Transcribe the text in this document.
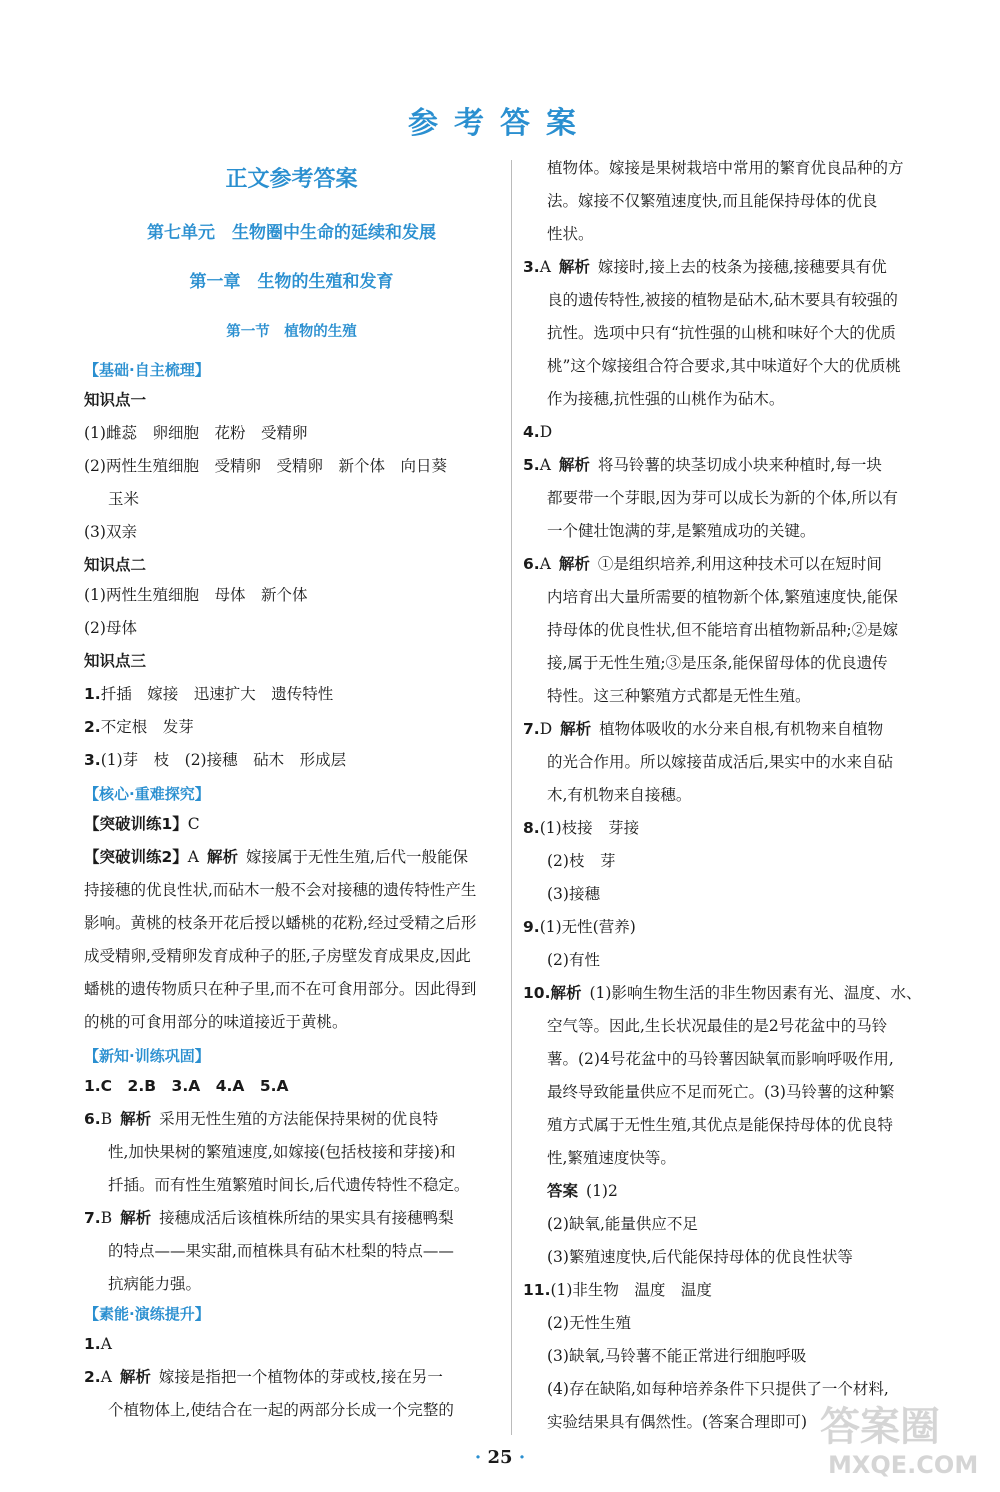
参考答案
正文参考答案
第七单元　生物圈中生命的延续和发展
第一章　生物的生殖和发育
第一节　植物的生殖
【基础·自主梳理】
知识点一
(1)雌蕊　卵细胞　花粉　受精卵
(2)两性生殖细胞　受精卵　受精卵　新个体　向日葵
玉米
(3)双亲
知识点二
(1)两性生殖细胞　母体　新个体
(2)母体
知识点三
1.扦插　嫁接　迅速扩大　遗传特性
2.不定根　发芽
3.(1)芽　枝　(2)接穗　砧木　形成层
【核心·重难探究】
【突破训练1】C
【突破训练2】A 解析 嫁接属于无性生殖,后代一般能保
持接穗的优良性状,而砧木一般不会对接穗的遗传特性产生
影响。黄桃的枝条开花后授以蟠桃的花粉,经过受精之后形
成受精卵,受精卵发育成种子的胚,子房壁发育成果皮,因此
蟠桃的遗传物质只在种子里,而不在可食用部分。因此得到
的桃的可食用部分的味道接近于黄桃。
【新知·训练巩固】
1.C　2.B　3.A　4.A　5.A
6.B 解析 采用无性生殖的方法能保持果树的优良特
性,加快果树的繁殖速度,如嫁接(包括枝接和芽接)和
扦插。而有性生殖繁殖时间长,后代遗传特性不稳定。
7.B 解析 接穗成活后该植株所结的果实具有接穗鸭梨
的特点——果实甜,而植株具有砧木杜梨的特点——
抗病能力强。
【素能·演练提升】
1.A
2.A 解析 嫁接是指把一个植物体的芽或枝,接在另一
个植物体上,使结合在一起的两部分长成一个完整的
植物体。嫁接是果树栽培中常用的繁育优良品种的方
法。嫁接不仅繁殖速度快,而且能保持母体的优良
性状。
3.A 解析 嫁接时,接上去的枝条为接穗,接穗要具有优
良的遗传特性,被接的植物是砧木,砧木要具有较强的
抗性。选项中只有“抗性强的山桃和味好个大的优质
桃”这个嫁接组合符合要求,其中味道好个大的优质桃
作为接穗,抗性强的山桃作为砧木。
4.D
5.A 解析 将马铃薯的块茎切成小块来种植时,每一块
都要带一个芽眼,因为芽可以成长为新的个体,所以有
一个健壮饱满的芽,是繁殖成功的关键。
6.A 解析 ①是组织培养,利用这种技术可以在短时间
内培育出大量所需要的植物新个体,繁殖速度快,能保
持母体的优良性状,但不能培育出植物新品种;②是嫁
接,属于无性生殖;③是压条,能保留母体的优良遗传
特性。这三种繁殖方式都是无性生殖。
7.D 解析 植物体吸收的水分来自根,有机物来自植物
的光合作用。所以嫁接苗成活后,果实中的水来自砧
木,有机物来自接穗。
8.(1)枝接　芽接
(2)枝　芽
(3)接穗
9.(1)无性(营养)
(2)有性
10.解析 (1)影响生物生活的非生物因素有光、温度、水、
空气等。因此,生长状况最佳的是2号花盆中的马铃
薯。(2)4号花盆中的马铃薯因缺氧而影响呼吸作用,
最终导致能量供应不足而死亡。(3)马铃薯的这种繁
殖方式属于无性生殖,其优点是能保持母体的优良特
性,繁殖速度快等。
答案 (1)2
(2)缺氧,能量供应不足
(3)繁殖速度快,后代能保持母体的优良性状等
11.(1)非生物　温度　温度
(2)无性生殖
(3)缺氧,马铃薯不能正常进行细胞呼吸
(4)存在缺陷,如每种培养条件下只提供了一个材料,
实验结果具有偶然性。(答案合理即可)
· 25 ·
答案圈
MXQE.COM
